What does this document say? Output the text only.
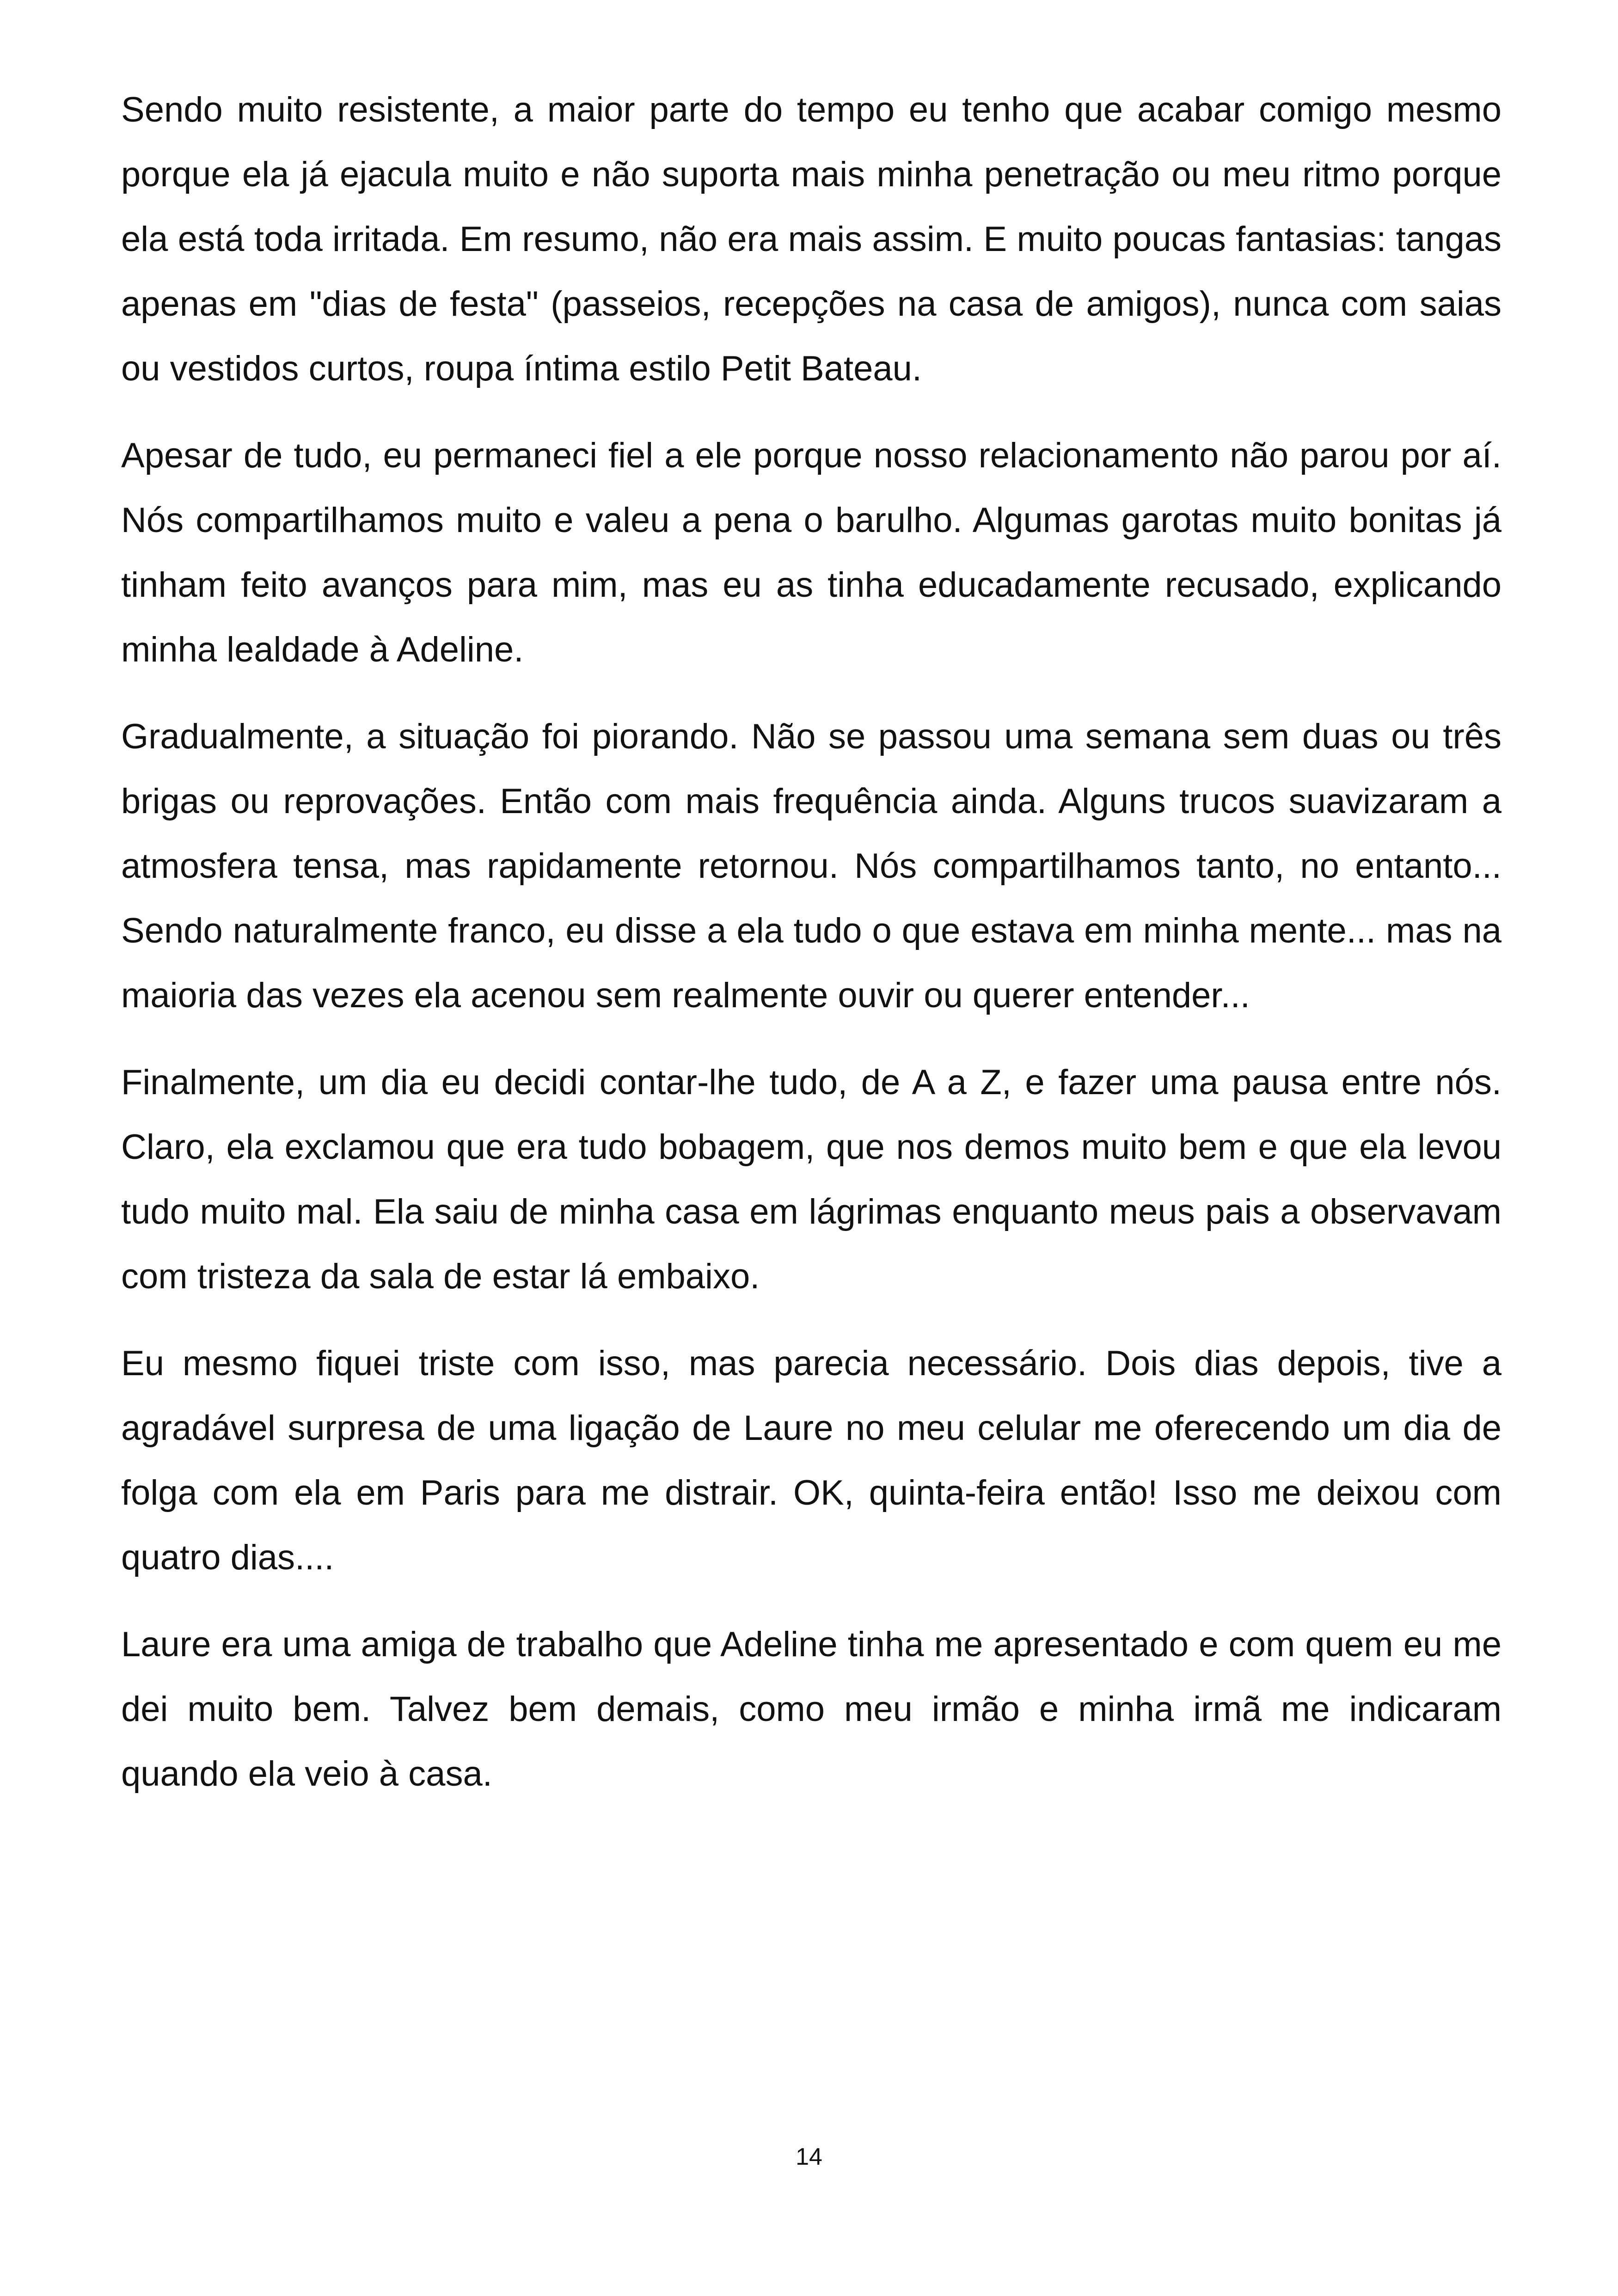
Sendo muito resistente, a maior parte do tempo eu tenho que acabar comigo mesmo porque ela já ejacula muito e não suporta mais minha penetração ou meu ritmo porque ela está toda irritada. Em resumo, não era mais assim. E muito poucas fantasias: tangas apenas em "dias de festa" (passeios, recepções na casa de amigos), nunca com saias ou vestidos curtos, roupa íntima estilo Petit Bateau.

Apesar de tudo, eu permaneci fiel a ele porque nosso relacionamento não parou por aí. Nós compartilhamos muito e valeu a pena o barulho. Algumas garotas muito bonitas já tinham feito avanços para mim, mas eu as tinha educadamente recusado, explicando minha lealdade à Adeline.

Gradualmente, a situação foi piorando. Não se passou uma semana sem duas ou três brigas ou reprovações. Então com mais frequência ainda. Alguns trucos suavizaram a atmosfera tensa, mas rapidamente retornou. Nós compartilhamos tanto, no entanto... Sendo naturalmente franco, eu disse a ela tudo o que estava em minha mente... mas na maioria das vezes ela acenou sem realmente ouvir ou querer entender...

Finalmente, um dia eu decidi contar-lhe tudo, de A a Z, e fazer uma pausa entre nós. Claro, ela exclamou que era tudo bobagem, que nos demos muito bem e que ela levou tudo muito mal. Ela saiu de minha casa em lágrimas enquanto meus pais a observavam com tristeza da sala de estar lá embaixo.

Eu mesmo fiquei triste com isso, mas parecia necessário. Dois dias depois, tive a agradável surpresa de uma ligação de Laure no meu celular me oferecendo um dia de folga com ela em Paris para me distrair. OK, quinta-feira então! Isso me deixou com quatro dias....

Laure era uma amiga de trabalho que Adeline tinha me apresentado e com quem eu me dei muito bem. Talvez bem demais, como meu irmão e minha irmã me indicaram quando ela veio à casa.

14
